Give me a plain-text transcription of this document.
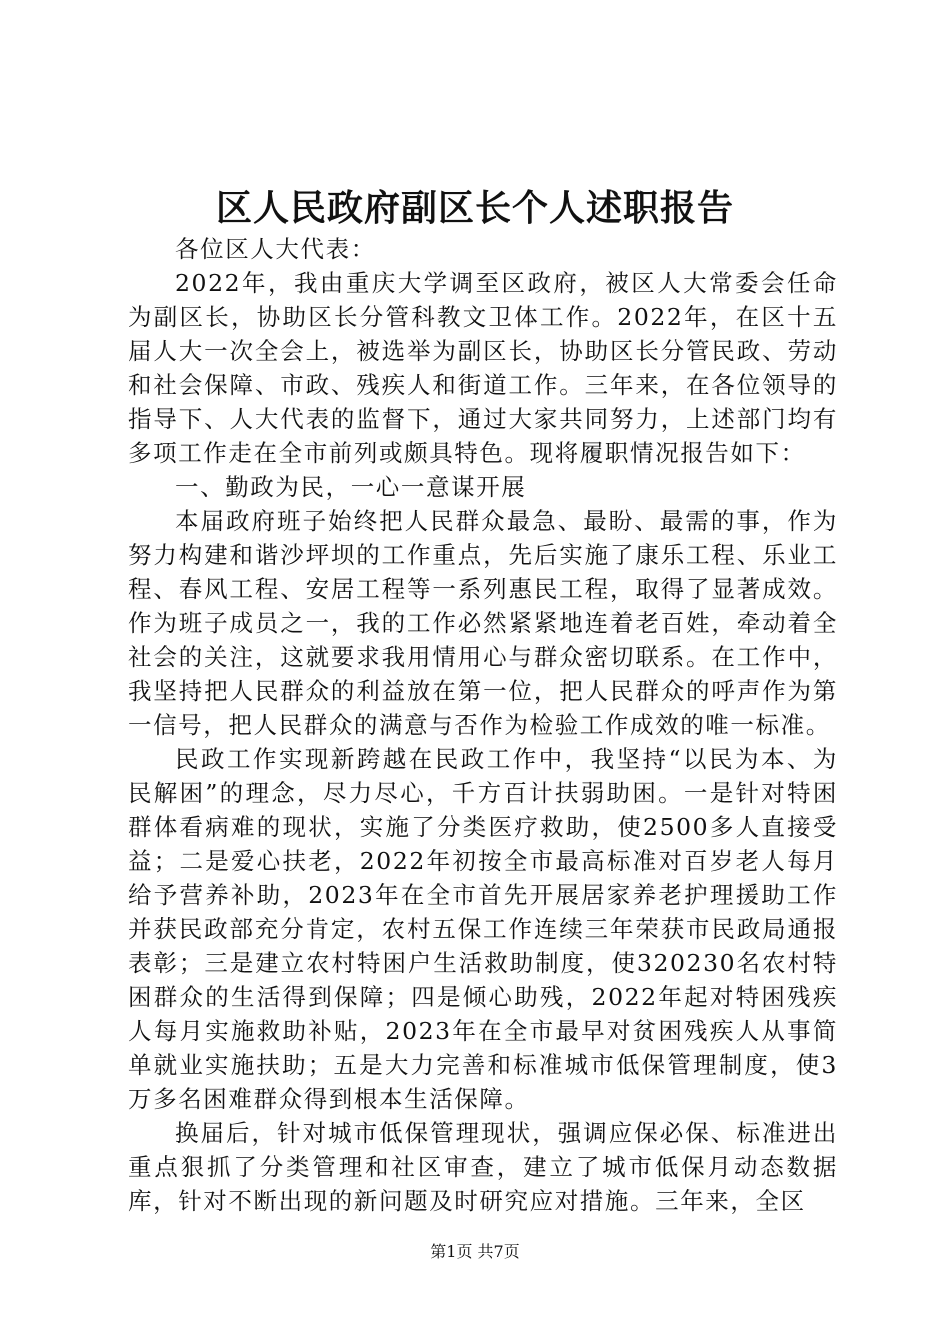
区人民政府副区长个人述职报告

各位区人大代表：

2022年，我由重庆大学调至区政府，被区人大常委会任命为副区长，协助区长分管科教文卫体工作。2022年，在区十五届人大一次全会上，被选举为副区长，协助区长分管民政、劳动和社会保障、市政、残疾人和街道工作。三年来，在各位领导的指导下、人大代表的监督下，通过大家共同努力，上述部门均有多项工作走在全市前列或颇具特色。现将履职情况报告如下：

一、勤政为民，一心一意谋开展

本届政府班子始终把人民群众最急、最盼、最需的事，作为努力构建和谐沙坪坝的工作重点，先后实施了康乐工程、乐业工程、春风工程、安居工程等一系列惠民工程，取得了显著成效。作为班子成员之一，我的工作必然紧紧地连着老百姓，牵动着全社会的关注，这就要求我用情用心与群众密切联系。在工作中，我坚持把人民群众的利益放在第一位，把人民群众的呼声作为第一信号，把人民群众的满意与否作为检验工作成效的唯一标准。

民政工作实现新跨越在民政工作中，我坚持“以民为本、为民解困”的理念，尽力尽心，千方百计扶弱助困。一是针对特困群体看病难的现状，实施了分类医疗救助，使2500多人直接受益；二是爱心扶老，2022年初按全市最高标准对百岁老人每月给予营养补助，2023年在全市首先开展居家养老护理援助工作并获民政部充分肯定，农村五保工作连续三年荣获市民政局通报表彰；三是建立农村特困户生活救助制度，使320230名农村特困群众的生活得到保障；四是倾心助残，2022年起对特困残疾人每月实施救助补贴，2023年在全市最早对贫困残疾人从事简单就业实施扶助；五是大力完善和标准城市低保管理制度，使3万多名困难群众得到根本生活保障。

换届后，针对城市低保管理现状，强调应保必保、标准进出重点狠抓了分类管理和社区审查，建立了城市低保月动态数据库，针对不断出现的新问题及时研究应对措施。三年来，全区

第1页 共7页
